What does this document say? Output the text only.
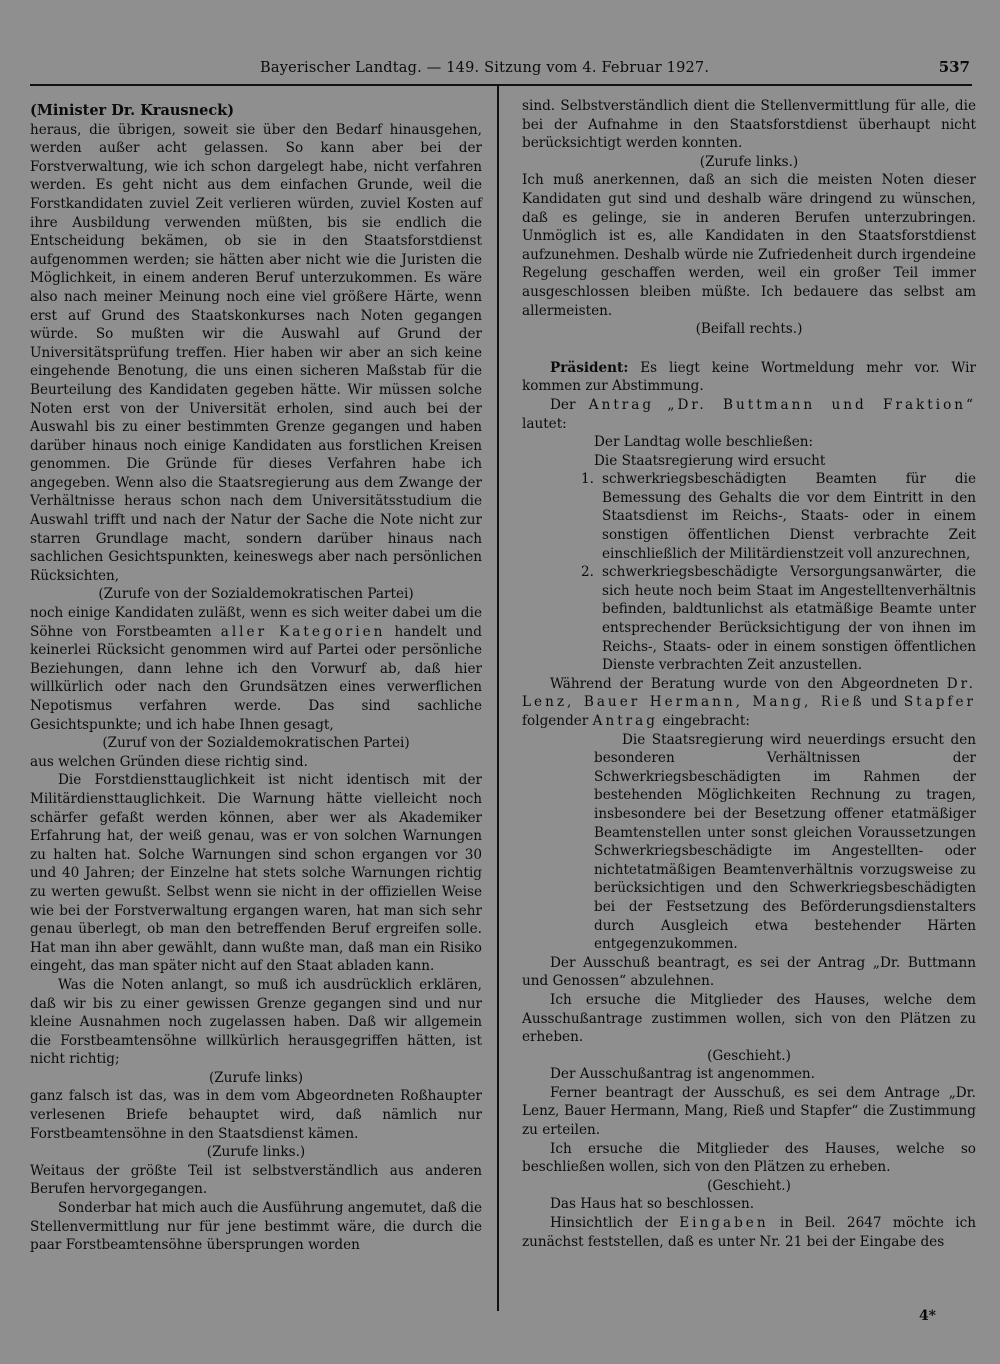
Bayerischer Landtag. — 149. Sitzung vom 4. Februar 1927.	537

(Minister Dr. Krausneck)

heraus, die übrigen, soweit sie über den Bedarf hinausgehen, werden außer acht gelassen. So kann aber bei der Forstverwaltung, wie ich schon dargelegt habe, nicht verfahren werden. Es geht nicht aus dem einfachen Grunde, weil die Forstkandidaten zuviel Zeit verlieren würden, zuviel Kosten auf ihre Ausbildung verwenden müßten, bis sie endlich die Entscheidung bekämen, ob sie in den Staatsforstdienst aufgenommen werden; sie hätten aber nicht wie die Juristen die Möglichkeit, in einem anderen Beruf unterzukommen. Es wäre also nach meiner Meinung noch eine viel größere Härte, wenn erst auf Grund des Staatskonkurses nach Noten gegangen würde. So mußten wir die Auswahl auf Grund der Universitätsprüfung treffen. Hier haben wir aber an sich keine eingehende Benotung, die uns einen sicheren Maßstab für die Beurteilung des Kandidaten gegeben hätte. Wir müssen solche Noten erst von der Universität erholen, sind auch bei der Auswahl bis zu einer bestimmten Grenze gegangen und haben darüber hinaus noch einige Kandidaten aus forstlichen Kreisen genommen. Die Gründe für dieses Verfahren habe ich angegeben. Wenn also die Staatsregierung aus dem Zwange der Verhältnisse heraus schon nach dem Universitätsstudium die Auswahl trifft und nach der Natur der Sache die Note nicht zur starren Grundlage macht, sondern darüber hinaus nach sachlichen Gesichtspunkten, keineswegs aber nach persönlichen Rücksichten,

(Zurufe von der Sozialdemokratischen Partei)

noch einige Kandidaten zuläßt, wenn es sich weiter dabei um die Söhne von Forstbeamten aller Kategorien handelt und keinerlei Rücksicht genommen wird auf Partei oder persönliche Beziehungen, dann lehne ich den Vorwurf ab, daß hier willkürlich oder nach den Grundsätzen eines verwerflichen Nepotismus verfahren werde. Das sind sachliche Gesichtspunkte; und ich habe Ihnen gesagt,

(Zuruf von der Sozialdemokratischen Partei)

aus welchen Gründen diese richtig sind.

Die Forstdiensttauglichkeit ist nicht identisch mit der Militärdiensttauglichkeit. Die Warnung hätte vielleicht noch schärfer gefaßt werden können, aber wer als Akademiker Erfahrung hat, der weiß genau, was er von solchen Warnungen zu halten hat. Solche Warnungen sind schon ergangen vor 30 und 40 Jahren; der Einzelne hat stets solche Warnungen richtig zu werten gewußt. Selbst wenn sie nicht in der offiziellen Weise wie bei der Forstverwaltung ergangen waren, hat man sich sehr genau überlegt, ob man den betreffenden Beruf ergreifen solle. Hat man ihn aber gewählt, dann wußte man, daß man ein Risiko eingeht, das man später nicht auf den Staat abladen kann.

Was die Noten anlangt, so muß ich ausdrücklich erklären, daß wir bis zu einer gewissen Grenze gegangen sind und nur kleine Ausnahmen noch zugelassen haben. Daß wir allgemein die Forstbeamtensöhne willkürlich herausgegriffen hätten, ist nicht richtig;

(Zurufe links)

ganz falsch ist das, was in dem vom Abgeordneten Roßhaupter verlesenen Briefe behauptet wird, daß nämlich nur Forstbeamtensöhne in den Staatsdienst kämen.

(Zurufe links.)

Weitaus der größte Teil ist selbstverständlich aus anderen Berufen hervorgegangen.

Sonderbar hat mich auch die Ausführung angemutet, daß die Stellenvermittlung nur für jene bestimmt wäre, die durch die paar Forstbeamtensöhne übersprungen worden

sind. Selbstverständlich dient die Stellenvermittlung für alle, die bei der Aufnahme in den Staatsforstdienst überhaupt nicht berücksichtigt werden konnten.

(Zurufe links.)

Ich muß anerkennen, daß an sich die meisten Noten dieser Kandidaten gut sind und deshalb wäre dringend zu wünschen, daß es gelinge, sie in anderen Berufen unterzubringen. Unmöglich ist es, alle Kandidaten in den Staatsforstdienst aufzunehmen. Deshalb würde nie Zufriedenheit durch irgendeine Regelung geschaffen werden, weil ein großer Teil immer ausgeschlossen bleiben müßte. Ich bedauere das selbst am allermeisten.

(Beifall rechts.)

Präsident: Es liegt keine Wortmeldung mehr vor. Wir kommen zur Abstimmung.

Der Antrag „Dr. Buttmann und Fraktion“ lautet:

Der Landtag wolle beschließen:

Die Staatsregierung wird ersucht

1. schwerkriegsbeschädigten Beamten für die Bemessung des Gehalts die vor dem Eintritt in den Staatsdienst im Reichs-, Staats- oder in einem sonstigen öffentlichen Dienst verbrachte Zeit einschließlich der Militärdienstzeit voll anzurechnen,
2. schwerkriegsbeschädigte Versorgungsanwärter, die sich heute noch beim Staat im Angestelltenverhältnis befinden, baldtunlichst als etatmäßige Beamte unter entsprechender Berücksichtigung der von ihnen im Reichs-, Staats- oder in einem sonstigen öffentlichen Dienste verbrachten Zeit anzustellen.

Während der Beratung wurde von den Abgeordneten Dr. Lenz, Bauer Hermann, Mang, Rieß und Stapfer folgender Antrag eingebracht:

Die Staatsregierung wird neuerdings ersucht den besonderen Verhältnissen der Schwerkriegsbeschädigten im Rahmen der bestehenden Möglichkeiten Rechnung zu tragen, insbesondere bei der Besetzung offener etatmäßiger Beamtenstellen unter sonst gleichen Voraussetzungen Schwerkriegsbeschädigte im Angestellten- oder nichtetatmäßigen Beamtenverhältnis vorzugsweise zu berücksichtigen und den Schwerkriegsbeschädigten bei der Festsetzung des Beförderungsdienstalters durch Ausgleich etwa bestehender Härten entgegenzukommen.

Der Ausschuß beantragt, es sei der Antrag „Dr. Buttmann und Genossen“ abzulehnen.

Ich ersuche die Mitglieder des Hauses, welche dem Ausschußantrage zustimmen wollen, sich von den Plätzen zu erheben.

(Geschieht.)

Der Ausschußantrag ist angenommen.

Ferner beantragt der Ausschuß, es sei dem Antrage „Dr. Lenz, Bauer Hermann, Mang, Rieß und Stapfer“ die Zustimmung zu erteilen.

Ich ersuche die Mitglieder des Hauses, welche so beschließen wollen, sich von den Plätzen zu erheben.

(Geschieht.)

Das Haus hat so beschlossen.

Hinsichtlich der Eingaben in Beil. 2647 möchte ich zunächst feststellen, daß es unter Nr. 21 bei der Eingabe des

4*
